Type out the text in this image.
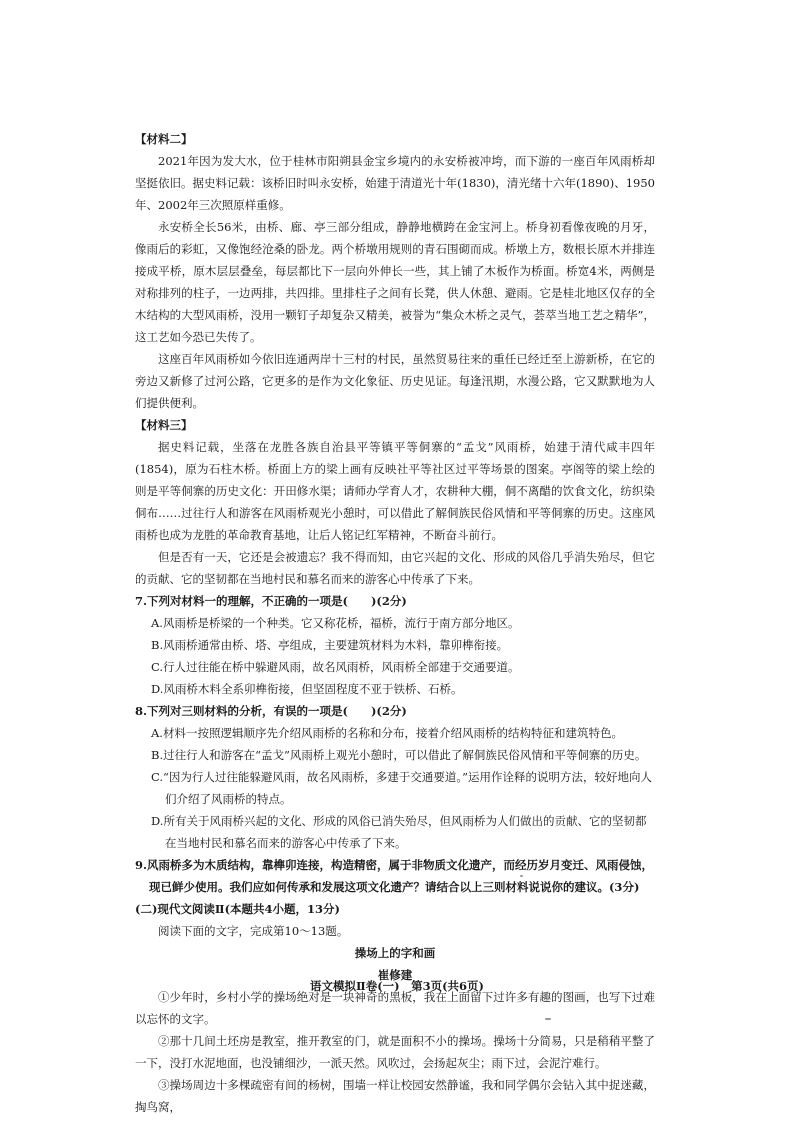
【材料二】

2021年因为发大水，位于桂林市阳朔县金宝乡境内的永安桥被冲垮，而下游的一座百年风雨桥却坚挺依旧。据史料记载：该桥旧时叫永安桥，始建于清道光十年(1830)，清光绪十六年(1890)、1950年、2002年三次照原样重修。

永安桥全长56米，由桥、廊、亭三部分组成，静静地横跨在金宝河上。桥身初看像夜晚的月牙，像雨后的彩虹，又像饱经沧桑的卧龙。两个桥墩用规则的青石围砌而成。桥墩上方，数根长原木并排连接成平桥，原木层层叠垒，每层都比下一层向外伸长一些，其上铺了木板作为桥面。桥宽4米，两侧是对称排列的柱子，一边两排，共四排。里排柱子之间有长凳，供人休憩、避雨。它是桂北地区仅存的全木结构的大型风雨桥，没用一颗钉子却复杂又精美，被誉为“集众木桥之灵气，荟萃当地工艺之精华”，这工艺如今恐已失传了。

这座百年风雨桥如今依旧连通两岸十三村的村民，虽然贸易往来的重任已经迁至上游新桥，在它的旁边又新修了过河公路，它更多的是作为文化象征、历史见证。每逢汛期，水漫公路，它又默默地为人们提供便利。

【材料三】

据史料记载，坐落在龙胜各族自治县平等镇平等侗寨的“孟戈”风雨桥，始建于清代咸丰四年(1854)，原为石柱木桥。桥面上方的梁上画有反映社平等社区过平等场景的图案。亭阁等的梁上绘的则是平等侗寨的历史文化：开田修水渠；请师办学育人才，农耕种大棚，侗不离醋的饮食文化，纺织染侗布……过往行人和游客在风雨桥观光小憩时，可以借此了解侗族民俗风情和平等侗寨的历史。这座风雨桥也成为龙胜的革命教育基地，让后人铭记红军精神，不断奋斗前行。

但是否有一天，它还是会被遗忘？我不得而知，由它兴起的文化、形成的风俗几乎消失殆尽，但它的贡献、它的坚韧都在当地村民和慕名而来的游客心中传承了下来。

7.下列对材料一的理解，不正确的一项是(　　)(2分)

A.风雨桥是桥梁的一个种类。它又称花桥，福桥，流行于南方部分地区。

B.风雨桥通常由桥、塔、亭组成，主要建筑材料为木料，靠卯榫衔接。

C.行人过往能在桥中躲避风雨，故名风雨桥，风雨桥全部建于交通要道。

D.风雨桥木料全系卯榫衔接，但坚固程度不亚于铁桥、石桥。

8.下列对三则材料的分析，有误的一项是(　　)(2分)

A.材料一按照逻辑顺序先介绍风雨桥的名称和分布，接着介绍风雨桥的结构特征和建筑特色。

B.过往行人和游客在“孟戈”风雨桥上观光小憩时，可以借此了解侗族民俗风情和平等侗寨的历史。

C.“因为行人过往能躲避风雨，故名风雨桥，多建于交通要道。”运用作诠释的说明方法，较好地向人们介绍了风雨桥的特点。

D.所有关于风雨桥兴起的文化、形成的风俗已消失殆尽，但风雨桥为人们做出的贡献、它的坚韧都在当地村民和慕名而来的游客心中传承了下来。

9.风雨桥多为木质结构，靠榫卯连接，构造精密，属于非物质文化遗产，而经历岁月变迁、风雨侵蚀，现已鲜少使用。我们应如何传承和发展这项文化遗产？请结合以上三则材料说说你的建议。(3分)

(二)现代文阅读Ⅱ(本题共4小题，13分)

阅读下面的文字，完成第10～13题。

操场上的字和画

崔修建

①少年时，乡村小学的操场绝对是一块神奇的黑板，我在上面留下过许多有趣的图画，也写下过难以忘怀的文字。

②那十几间土坯房是教室，推开教室的门，就是面积不小的操场。操场十分简易，只是稍稍平整了一下，没打水泥地面，也没铺细沙，一派天然。风吹过，会扬起灰尘；雨下过，会泥泞难行。

③操场周边十多棵疏密有间的杨树，围墙一样让校园安然静谧，我和同学偶尔会钻入其中捉迷藏，掏鸟窝，

语文模拟Ⅱ卷(一)　第3页(共6页)
